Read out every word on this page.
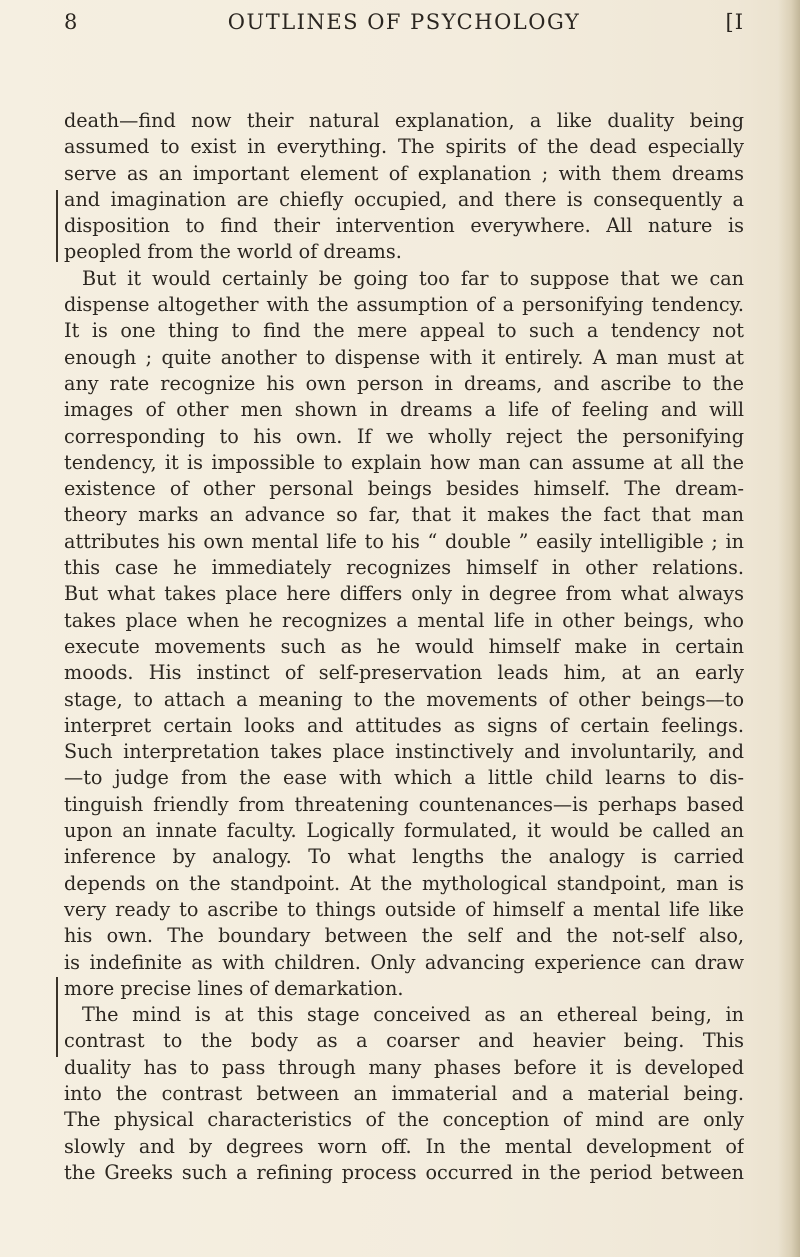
8	OUTLINES OF PSYCHOLOGY	[I
death—find now their natural explanation, a like duality being
assumed to exist in everything. The spirits of the dead especially
serve as an important element of explanation ; with them dreams
and imagination are chiefly occupied, and there is consequently a
disposition to find their intervention everywhere. All nature is
peopled from the world of dreams.
But it would certainly be going too far to suppose that we can
dispense altogether with the assumption of a personifying tendency.
It is one thing to find the mere appeal to such a tendency not
enough ; quite another to dispense with it entirely. A man must at
any rate recognize his own person in dreams, and ascribe to the
images of other men shown in dreams a life of feeling and will
corresponding to his own. If we wholly reject the personifying
tendency, it is impossible to explain how man can assume at all the
existence of other personal beings besides himself. The dream-
theory marks an advance so far, that it makes the fact that man
attributes his own mental life to his “ double ” easily intelligible ; in
this case he immediately recognizes himself in other relations.
But what takes place here differs only in degree from what always
takes place when he recognizes a mental life in other beings, who
execute movements such as he would himself make in certain
moods. His instinct of self-preservation leads him, at an early
stage, to attach a meaning to the movements of other beings—to
interpret certain looks and attitudes as signs of certain feelings.
Such interpretation takes place instinctively and involuntarily, and
—to judge from the ease with which a little child learns to dis-
tinguish friendly from threatening countenances—is perhaps based
upon an innate faculty. Logically formulated, it would be called an
inference by analogy. To what lengths the analogy is carried
depends on the standpoint. At the mythological standpoint, man is
very ready to ascribe to things outside of himself a mental life like
his own. The boundary between the self and the not-self also,
is indefinite as with children. Only advancing experience can draw
more precise lines of demarkation.
The mind is at this stage conceived as an ethereal being, in
contrast to the body as a coarser and heavier being. This
duality has to pass through many phases before it is developed
into the contrast between an immaterial and a material being.
The physical characteristics of the conception of mind are only
slowly and by degrees worn off. In the mental development of
the Greeks such a refining process occurred in the period between
